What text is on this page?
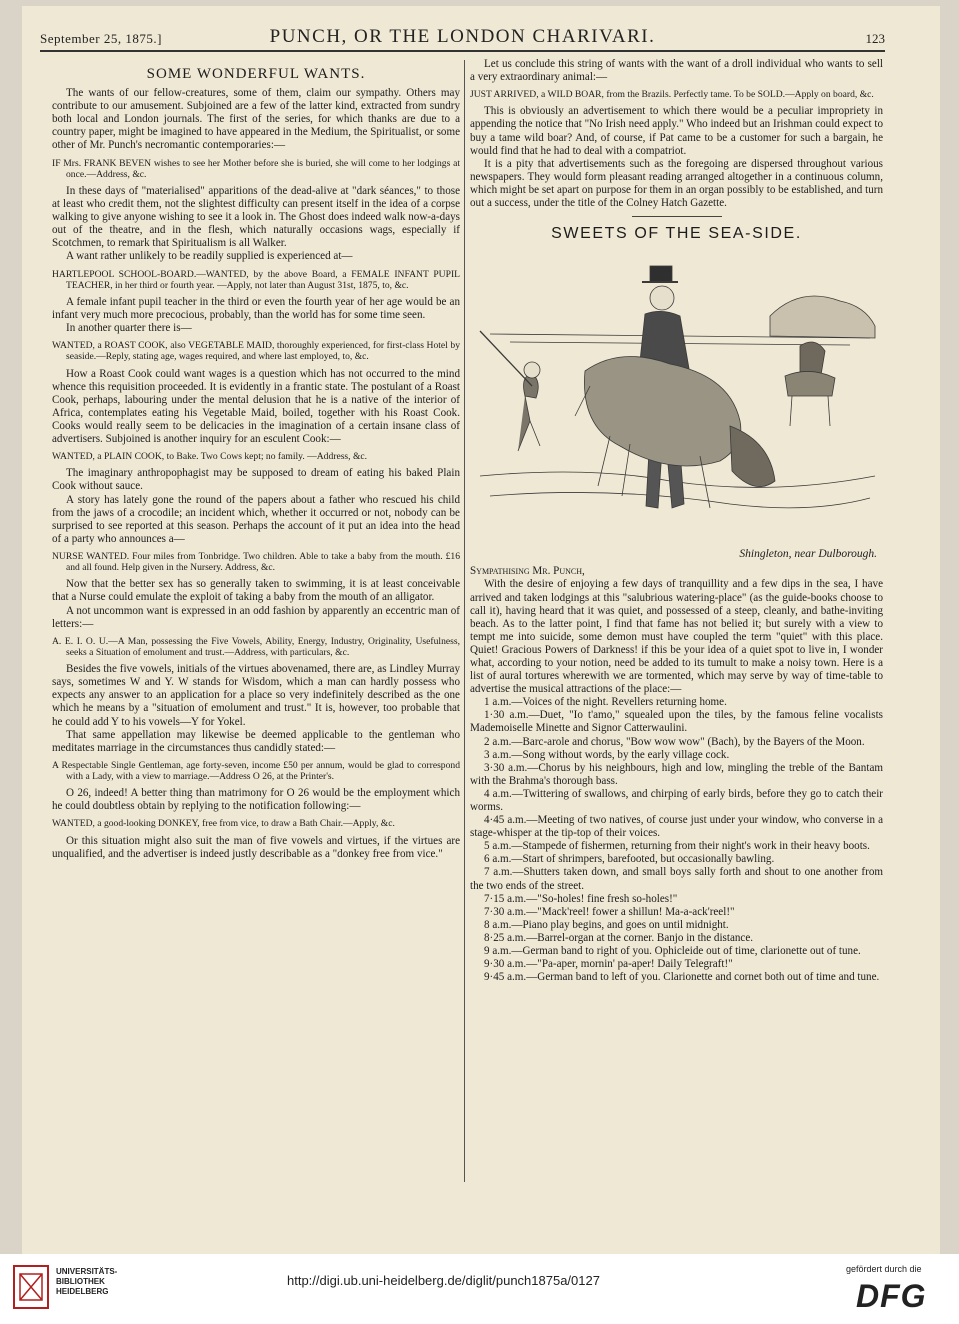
September 25, 1875.]	PUNCH, OR THE LONDON CHARIVARI.	123

SOME WONDERFUL WANTS.

The wants of our fellow-creatures, some of them, claim our sympathy. Others may contribute to our amusement. Subjoined are a few of the latter kind, extracted from sundry both local and London journals. The first of the series, for which thanks are due to a country paper, might be imagined to have appeared in the Medium, the Spiritualist, or some other of Mr. Punch's necromantic contemporaries:—

IF Mrs. FRANK BEVEN wishes to see her Mother before she is buried, she will come to her lodgings at once.—Address, &c.

In these days of "materialised" apparitions of the dead-alive at "dark séances," to those at least who credit them, not the slightest difficulty can present itself in the idea of a corpse walking to give anyone wishing to see it a look in. The Ghost does indeed walk now-a-days out of the theatre, and in the flesh, which naturally occasions wags, especially if Scotchmen, to remark that Spiritualism is all Walker.

A want rather unlikely to be readily supplied is experienced at—

HARTLEPOOL SCHOOL-BOARD.—WANTED, by the above Board, a FEMALE INFANT PUPIL TEACHER, in her third or fourth year. —Apply, not later than August 31st, 1875, to, &c.

A female infant pupil teacher in the third or even the fourth year of her age would be an infant very much more precocious, probably, than the world has for some time seen.

In another quarter there is—

WANTED, a ROAST COOK, also VEGETABLE MAID, thoroughly experienced, for first-class Hotel by seaside.—Reply, stating age, wages required, and where last employed, to, &c.

How a Roast Cook could want wages is a question which has not occurred to the mind whence this requisition proceeded. It is evidently in a frantic state. The postulant of a Roast Cook, perhaps, labouring under the mental delusion that he is a native of the interior of Africa, contemplates eating his Vegetable Maid, boiled, together with his Roast Cook. Cooks would really seem to be delicacies in the imagination of a certain insane class of advertisers. Subjoined is another inquiry for an esculent Cook:—

WANTED, a PLAIN COOK, to Bake. Two Cows kept; no family. —Address, &c.

The imaginary anthropophagist may be supposed to dream of eating his baked Plain Cook without sauce.

A story has lately gone the round of the papers about a father who rescued his child from the jaws of a crocodile; an incident which, whether it occurred or not, nobody can be surprised to see reported at this season. Perhaps the account of it put an idea into the head of a party who announces a—

NURSE WANTED. Four miles from Tonbridge. Two children. Able to take a baby from the mouth. £16 and all found. Help given in the Nursery. Address, &c.

Now that the better sex has so generally taken to swimming, it is at least conceivable that a Nurse could emulate the exploit of taking a baby from the mouth of an alligator.

A not uncommon want is expressed in an odd fashion by apparently an eccentric man of letters:—

A. E. I. O. U.—A Man, possessing the Five Vowels, Ability, Energy, Industry, Originality, Usefulness, seeks a Situation of emolument and trust.—Address, with particulars, &c.

Besides the five vowels, initials of the virtues abovenamed, there are, as Lindley Murray says, sometimes W and Y. W stands for Wisdom, which a man can hardly possess who expects any answer to an application for a place so very indefinitely described as the one which he means by a "situation of emolument and trust." It is, however, too probable that he could add Y to his vowels—Y for Yokel.

That same appellation may likewise be deemed applicable to the gentleman who meditates marriage in the circumstances thus candidly stated:—

A Respectable Single Gentleman, age forty-seven, income £50 per annum, would be glad to correspond with a Lady, with a view to marriage.—Address O 26, at the Printer's.

O 26, indeed! A better thing than matrimony for O 26 would be the employment which he could doubtless obtain by replying to the notification following:—

WANTED, a good-looking DONKEY, free from vice, to draw a Bath Chair.—Apply, &c.

Or this situation might also suit the man of five vowels and virtues, if the virtues are unqualified, and the advertiser is indeed justly describable as a "donkey free from vice."

Let us conclude this string of wants with the want of a droll individual who wants to sell a very extraordinary animal:—

JUST ARRIVED, a WILD BOAR, from the Brazils. Perfectly tame. To be SOLD.—Apply on board, &c.

This is obviously an advertisement to which there would be a peculiar impropriety in appending the notice that "No Irish need apply." Who indeed but an Irishman could expect to buy a tame wild boar? And, of course, if Pat came to be a customer for such a bargain, he would find that he had to deal with a compatriot.

It is a pity that advertisements such as the foregoing are dispersed throughout various newspapers. They would form pleasant reading arranged altogether in a continuous column, which might be set apart on purpose for them in an organ possibly to be established, and turn out a success, under the title of the Colney Hatch Gazette.

SWEETS OF THE SEA-SIDE.

Shingleton, near Dulborough.

Sympathising Mr. Punch,

With the desire of enjoying a few days of tranquillity and a few dips in the sea, I have arrived and taken lodgings at this "salubrious watering-place" (as the guide-books choose to call it), having heard that it was quiet, and possessed of a steep, cleanly, and bathe-inviting beach. As to the latter point, I find that fame has not belied it; but surely with a view to tempt me into suicide, some demon must have coupled the term "quiet" with this place. Quiet! Gracious Powers of Darkness! if this be your idea of a quiet spot to live in, I wonder what, according to your notion, need be added to its tumult to make a noisy town. Here is a list of aural tortures wherewith we are tormented, which may serve by way of time-table to advertise the musical attractions of the place:—

1 a.m.—Voices of the night. Revellers returning home.

1·30 a.m.—Duet, "Io t'amo," squealed upon the tiles, by the famous feline vocalists Mademoiselle Minette and Signor Catterwaulini.

2 a.m.—Barc-arole and chorus, "Bow wow wow" (Bach), by the Bayers of the Moon.

3 a.m.—Song without words, by the early village cock.

3·30 a.m.—Chorus by his neighbours, high and low, mingling the treble of the Bantam with the Brahma's thorough bass.

4 a.m.—Twittering of swallows, and chirping of early birds, before they go to catch their worms.

4·45 a.m.—Meeting of two natives, of course just under your window, who converse in a stage-whisper at the tip-top of their voices.

5 a.m.—Stampede of fishermen, returning from their night's work in their heavy boots.

6 a.m.—Start of shrimpers, barefooted, but occasionally bawling.

7 a.m.—Shutters taken down, and small boys sally forth and shout to one another from the two ends of the street.

7·15 a.m.—"So-holes! fine fresh so-holes!"

7·30 a.m.—"Mack'reel! fower a shillun! Ma-a-ack'reel!"

8 a.m.—Piano play begins, and goes on until midnight.

8·25 a.m.—Barrel-organ at the corner. Banjo in the distance.

9 a.m.—German band to right of you. Ophicleide out of time, clarionette out of tune.

9·30 a.m.—"Pa-aper, mornin' pa-aper! Daily Telegraft!"

9·45 a.m.—German band to left of you. Clarionette and cornet both out of time and tune.

UNIVERSITÄTS-
BIBLIOTHEK
HEIDELBERG
http://digi.ub.uni-heidelberg.de/diglit/punch1875a/0127
gefördert durch die
DFG
